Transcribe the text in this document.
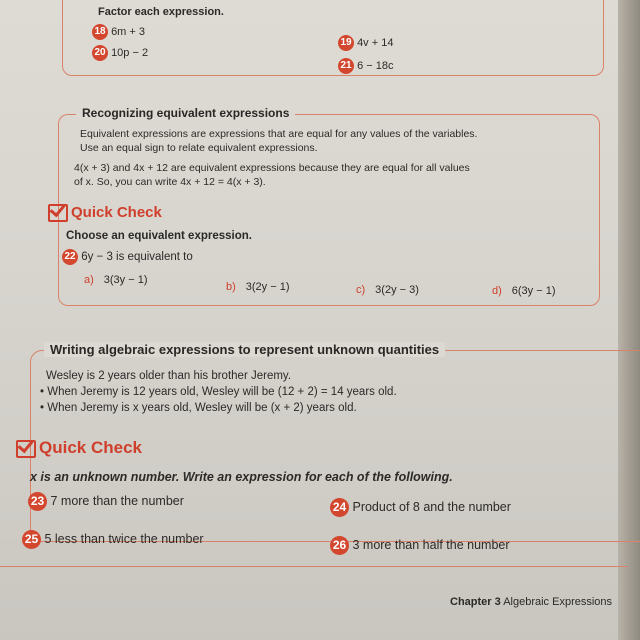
Factor each expression.
18 6m + 3
19 4v + 14
20 10p − 2
21 6 − 18c
Recognizing equivalent expressions
Equivalent expressions are expressions that are equal for any values of the variables.
Use an equal sign to relate equivalent expressions.
4(x + 3) and 4x + 12 are equivalent expressions because they are equal for all values
of x. So, you can write 4x + 12 = 4(x + 3).
Quick Check
Choose an equivalent expression.
22 6y − 3 is equivalent to
a) 3(3y − 1)
b) 3(2y − 1)	c) 3(2y − 3)	d) 6(3y − 1)
Writing algebraic expressions to represent unknown quantities
Wesley is 2 years older than his brother Jeremy.
• When Jeremy is 12 years old, Wesley will be (12 + 2) = 14 years old.
• When Jeremy is x years old, Wesley will be (x + 2) years old.
Quick Check
x is an unknown number. Write an expression for each of the following.
23 7 more than the number	24 Product of 8 and the number
25 5 less than twice the number	26 3 more than half the number
Chapter 3 Algebraic Expressions
